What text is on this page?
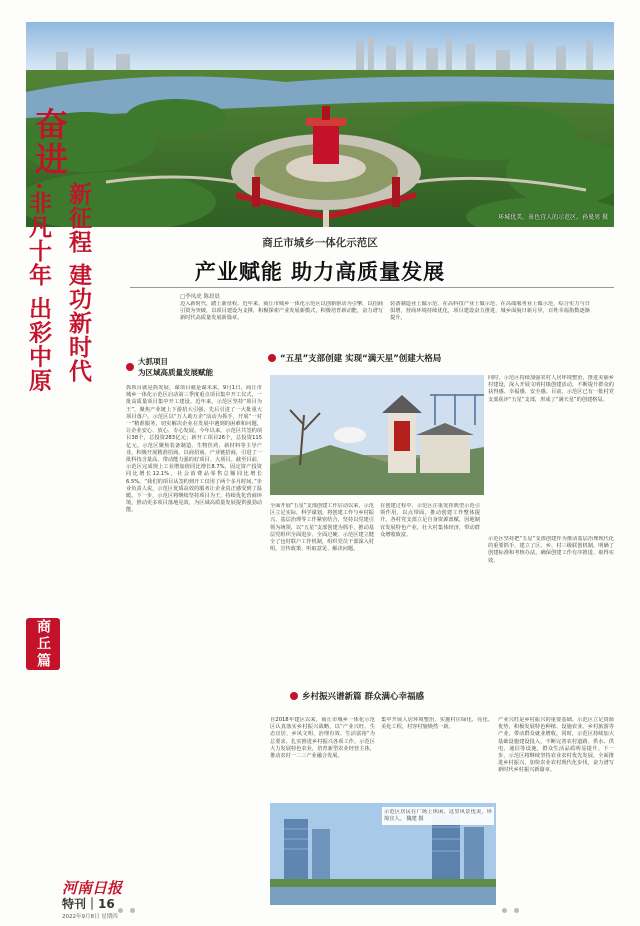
环城优美，景色宜人的示范区。孙曼男 摄
奋进
新征程 建功新时代
·非凡十年 出彩中原
商丘篇
河南日报
特刊｜16
2022年9月8日 星期四
商丘市城乡一体化示范区
产业赋能 助力高质量发展
□李凤虎 陈晨晨
迈入新时代，踏上新征程。近年来，商丘市城乡一体化示范区以创新驱动为引擎，以招商引资为突破，以项目建设为支撑，积极探索产业发展新模式，积极培育新动能，奋力谱写新时代高质量发展新篇章。
装备制造业上做示范、在高科技产业上做示范、在高端服务业上做示范，综合实力与日俱增，营商环境持续优化，项目建设奋力推进，城乡面貌日新月异，百姓幸福指数逐渐提升。
大抓项目
为区域高质量发展赋能
抓项目就是抓发展，谋项目就是谋未来。9月1日，商丘市城乡一体化示范区启动第三季度重点项目集中开工仪式，一批高质量项目集中开工建设。近年来，示范区坚持“项目为王”，聚焦产业链上下游招大引强，先后引进了一大批重大项目落户。示范区以“万人助万企”活动为抓手，开展“一对一”精准服务，切实解决企业在发展中遇到的困难和问题，让企业安心、放心、专心发展。今年以来，示范区共签约项目38个，总投资283亿元；新开工项目26个，总投资115亿元。示范区聚焦装备制造、生物医药、新材料等主导产业，积极开展精准招商、以商招商、产业链招商，引进了一批科技含量高、带动能力强的好项目、大项目。截至目前，示范区完成规上工业增加值同比增长8.7%，固定资产投资同比增长12.1%，社会消费品零售总额同比增长6.5%。“我们的项目从签约到开工仅用了两个多月时间。”企业负责人说，示范区优质高效的服务让企业真正感受到了温暖。下一步，示范区将继续坚持项目为王，持续优化营商环境，推动更多项目落地见效，为区域高质量发展提供强劲动能。
“五星”支部创建 实现“满天星”创建大格局
全面开展“五星”支部创建工作启动以来，示范区立足实际，科学谋划，将创建工作与乡村振兴、基层治理等工作紧密结合，坚持以党建引领为统领，以“五星”支部创建为抓手，推动基层党组织全面进步、全面过硬。示范区建立健全了包村联户工作机制，组织党员干部深入村组，宣传政策、听取意见、解决问题。
在创建过程中，示范区注重发挥典型示范引领作用，以点带面，推动创建工作整体提升。各村党支部立足自身资源禀赋，因地制宜发展特色产业，壮大村集体经济，带动群众增收致富。
同时，示范区持续加强农村人居环境整治，推进美丽乡村建设，深入开展文明村镇创建活动，不断提升群众的获得感、幸福感、安全感。目前，示范区已有一批村党支部获评“五星”支部，形成了“满天星”的创建格局。
示范区坚持把“五星”支部创建作为推动基层治理现代化的重要抓手，建立了区、乡、村三级联创机制，明确了创建标准和考核办法，确保创建工作有序推进、取得实效。
乡村振兴谱新篇 群众满心幸福感
自2018年建区以来，商丘市城乡一体化示范区认真落实乡村振兴战略，以“产业兴旺、生态宜居、乡风文明、治理有效、生活富裕”为总要求，扎实推进乡村振兴各项工作。示范区大力发展特色农业，培育新型农业经营主体，推动农村一二三产业融合发展。
集中开展人居环境整治，实施村庄绿化、亮化、美化工程，村容村貌焕然一新。
产业兴旺是乡村振兴的重要基础。示范区立足资源优势，积极发展特色种植、设施农业、乡村旅游等产业，带动群众就业增收。同时，示范区持续加大基础设施建设投入，不断完善农村道路、供水、供电、通信等设施，群众生活品质明显提升。下一步，示范区将继续坚持农业农村优先发展，全面推进乡村振兴，加快农业农村现代化步伐，奋力谱写新时代乡村振兴新篇章。
示范区居民在广场上休闲，这里风景优美，环境宜人。 魏建 摄
